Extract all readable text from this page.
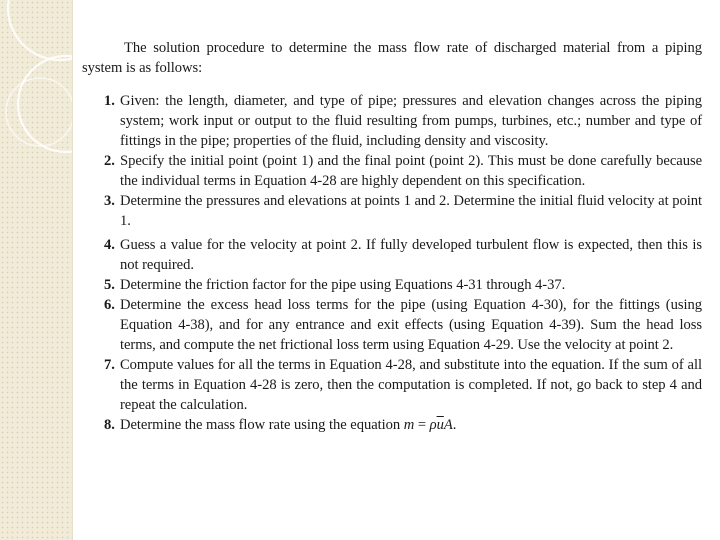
The solution procedure to determine the mass flow rate of discharged material from a piping system is as follows:

1. Given: the length, diameter, and type of pipe; pressures and elevation changes across the piping system; work input or output to the fluid resulting from pumps, turbines, etc.; number and type of fittings in the pipe; properties of the fluid, including density and viscosity.
2. Specify the initial point (point 1) and the final point (point 2). This must be done carefully because the individual terms in Equation 4-28 are highly dependent on this specification.
3. Determine the pressures and elevations at points 1 and 2. Determine the initial fluid velocity at point 1.
4. Guess a value for the velocity at point 2. If fully developed turbulent flow is expected, then this is not required.
5. Determine the friction factor for the pipe using Equations 4-31 through 4-37.
6. Determine the excess head loss terms for the pipe (using Equation 4-30), for the fittings (using Equation 4-38), and for any entrance and exit effects (using Equation 4-39). Sum the head loss terms, and compute the net frictional loss term using Equation 4-29. Use the velocity at point 2.
7. Compute values for all the terms in Equation 4-28, and substitute into the equation. If the sum of all the terms in Equation 4-28 is zero, then the computation is completed. If not, go back to step 4 and repeat the calculation.
8. Determine the mass flow rate using the equation $m = \rho\overline{u}A$.
